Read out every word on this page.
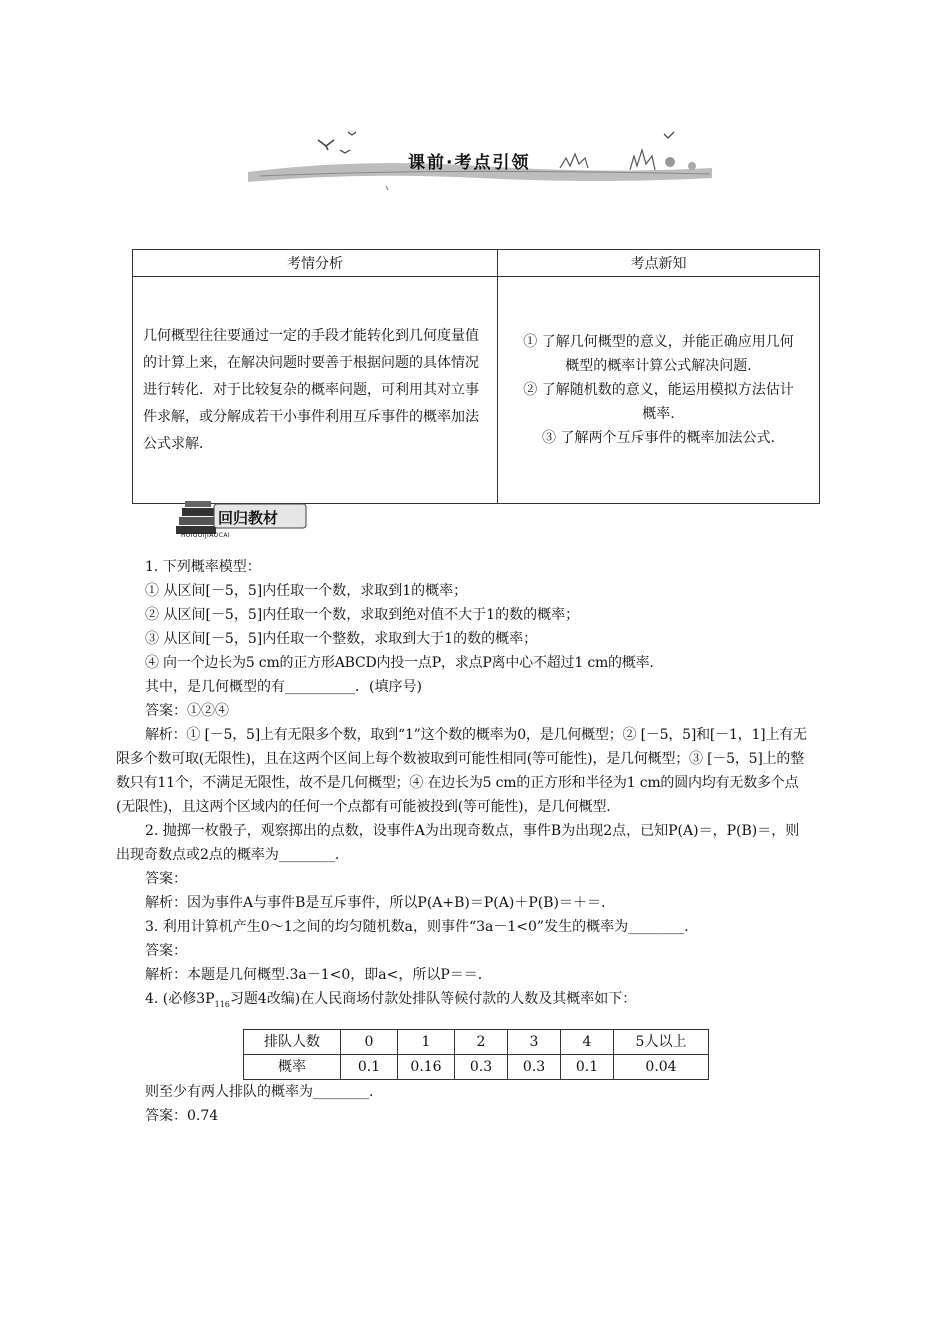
课前·考点引领
考情分析	考点新知
几何概型往往要通过一定的手段才能转化到几何度量值的计算上来，在解决问题时要善于根据问题的具体情况进行转化．对于比较复杂的概率问题，可利用其对立事件求解，或分解成若干小事件利用互斥事件的概率加法公式求解．	① 了解几何概型的意义，并能正确应用几何
概型的概率计算公式解决问题.
② 了解随机数的意义，能运用模拟方法估计
概率.
③ 了解两个互斥事件的概率加法公式.
回归教材
HUIGUIJIAOCAI

1. 下列概率模型：

① 从区间[－5，5]内任取一个数，求取到1的概率；

② 从区间[－5，5]内任取一个数，求取到绝对值不大于1的数的概率；

③ 从区间[－5，5]内任取一个整数，求取到大于1的数的概率；

④ 向一个边长为5 cm的正方形ABCD内投一点P，求点P离中心不超过1 cm的概率.

其中，是几何概型的有__________．(填序号)

答案：①②④

解析：① [－5，5]上有无限多个数，取到“1”这个数的概率为0，是几何概型；② [－5，5]和[－1，1]上有无限多个数可取(无限性)，且在这两个区间上每个数被取到可能性相同(等可能性)，是几何概型；③ [－5，5]上的整数只有11个，不满足无限性，故不是几何概型；④ 在边长为5 cm的正方形和半径为1 cm的圆内均有无数多个点(无限性)，且这两个区域内的任何一个点都有可能被投到(等可能性)，是几何概型.

2. 抛掷一枚骰子，观察掷出的点数，设事件A为出现奇数点，事件B为出现2点，已知P(A)＝，P(B)＝，则出现奇数点或2点的概率为________.

答案：

解析：因为事件A与事件B是互斥事件，所以P(A+B)＝P(A)＋P(B)＝＋＝.

3. 利用计算机产生0～1之间的均匀随机数a，则事件“3a－1<0”发生的概率为________.

答案：

解析：本题是几何概型.3a－1<0，即a<，所以P＝＝.

4. (必修$3P_{116}$习题4改编)在人民商场付款处排队等候付款的人数及其概率如下：

排队人数	0	1	2	3	4	5人以上
概率	0.1	0.16	0.3	0.3	0.1	0.04

则至少有两人排队的概率为________.

答案：0.74
